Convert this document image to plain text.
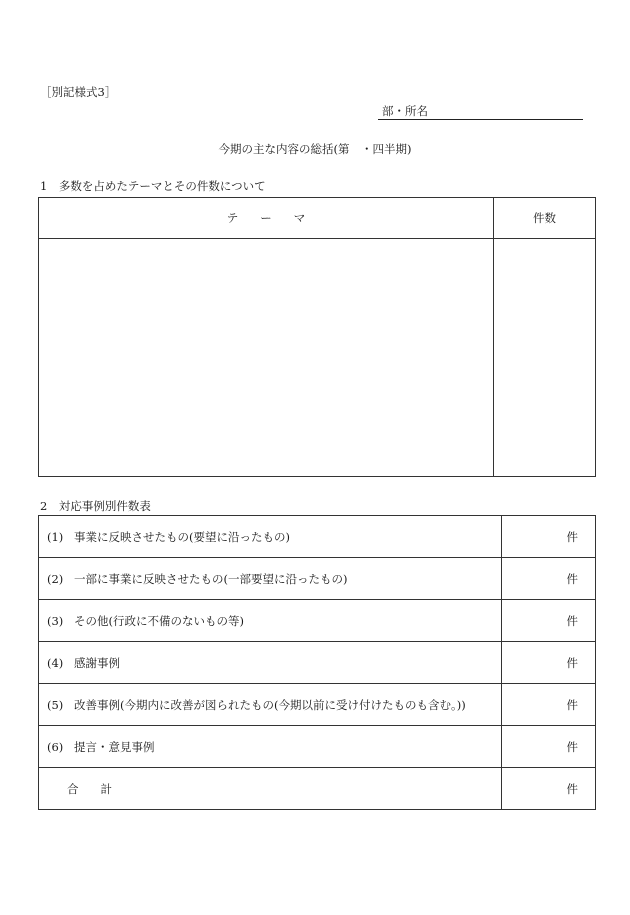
［別記様式3］
部・所名
今期の主な内容の総括(第　・四半期)
1　多数を占めたテーマとその件数について
テーマ	件数

2　対応事例別件数表
(1) 事業に反映させたもの(要望に沿ったもの)	件
(2) 一部に事業に反映させたもの(一部要望に沿ったもの)	件
(3) その他(行政に不備のないもの等)	件
(4) 感謝事例	件
(5) 改善事例(今期内に改善が図られたもの(今期以前に受け付けたものも含む。))	件
(6) 提言・意見事例	件
合計	件
